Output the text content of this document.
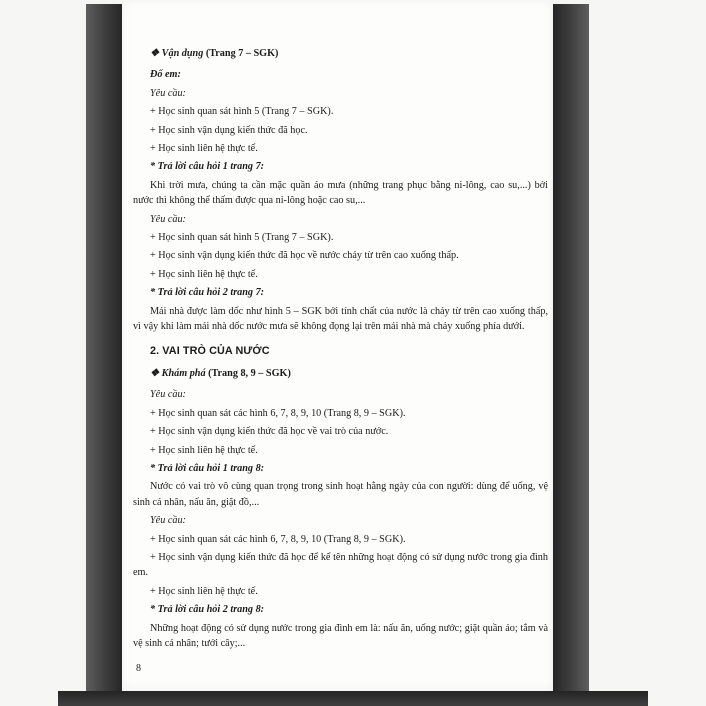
❖ Vận dụng (Trang 7 – SGK)

Đố em:

Yêu cầu:

+ Học sinh quan sát hình 5 (Trang 7 – SGK).

+ Học sinh vận dụng kiến thức đã học.

+ Học sinh liên hệ thực tế.

* Trả lời câu hỏi 1 trang 7:

Khi trời mưa, chúng ta cần mặc quần áo mưa (những trang phục bằng ni-lông, cao su,...) bởi nước thì không thể thấm được qua ni-lông hoặc cao su,...

Yêu cầu:

+ Học sinh quan sát hình 5 (Trang 7 – SGK).

+ Học sinh vận dụng kiến thức đã học về nước chảy từ trên cao xuống thấp.

+ Học sinh liên hệ thực tế.

* Trả lời câu hỏi 2 trang 7:

Mái nhà được làm dốc như hình 5 – SGK bởi tính chất của nước là chảy từ trên cao xuống thấp, vì vậy khi làm mái nhà dốc nước mưa sẽ không đọng lại trên mái nhà mà chảy xuống phía dưới.

2. VAI TRÒ CỦA NƯỚC

❖ Khám phá (Trang 8, 9 – SGK)

Yêu cầu:

+ Học sinh quan sát các hình 6, 7, 8, 9, 10 (Trang 8, 9 – SGK).

+ Học sinh vận dụng kiến thức đã học về vai trò của nước.

+ Học sinh liên hệ thực tế.

* Trả lời câu hỏi 1 trang 8:

Nước có vai trò vô cùng quan trọng trong sinh hoạt hằng ngày của con người: dùng để uống, vệ sinh cá nhân, nấu ăn, giặt đồ,...

Yêu cầu:

+ Học sinh quan sát các hình 6, 7, 8, 9, 10 (Trang 8, 9 – SGK).

+ Học sinh vận dụng kiến thức đã học để kể tên những hoạt động có sử dụng nước trong gia đình em.

+ Học sinh liên hệ thực tế.

* Trả lời câu hỏi 2 trang 8:

Những hoạt động có sử dụng nước trong gia đình em là: nấu ăn, uống nước; giặt quần áo; tắm và vệ sinh cá nhân; tưới cây;...

8
